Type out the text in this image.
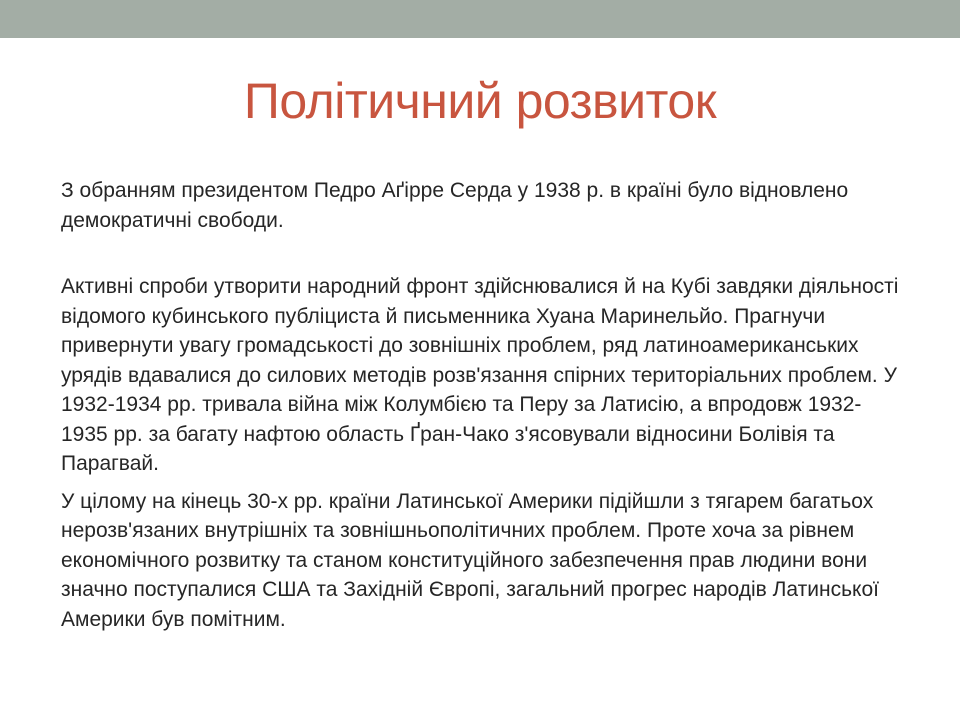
Політичний розвиток

З обранням президентом Педро Аґірре Серда у 1938 р. в країні було відновлено демократичні свободи.

Активні спроби утворити народний фронт здійснювалися й на Кубі завдяки діяльності відомого кубинського публіциста й письменника Хуана Маринельйо. Прагнучи привернути увагу громадськості до зовнішніх проблем, ряд латиноамериканських урядів вдавалися до силових методів розв'язання спірних територіальних проблем. У 1932-1934 рр. тривала війна між Колумбією та Перу за Латисію, а впродовж 1932-1935 рр. за багату нафтою область Ґран-Чако з'ясовували відносини Болівія та Парагвай.

У цілому на кінець 30-х рр. країни Латинської Америки підійшли з тягарем багатьох нерозв'язаних внутрішніх та зовнішньополітичних проблем. Проте хоча за рівнем економічного розвитку та станом конституційного забезпечення прав людини вони значно поступалися США та Західній Європі, загальний прогрес народів Латинської Америки був помітним.
